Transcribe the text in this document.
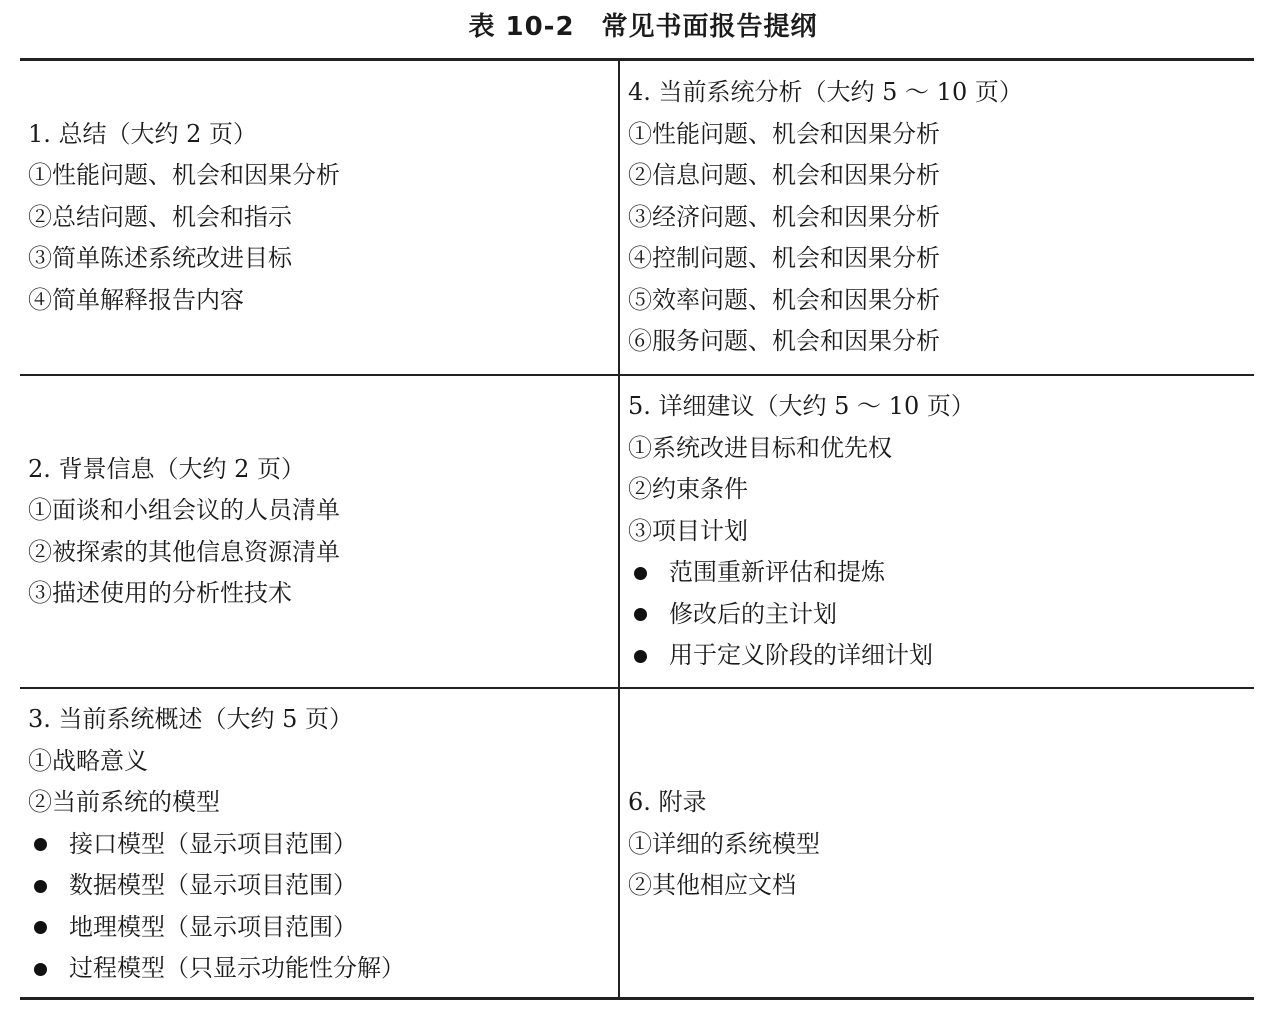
表 10-2　常见书面报告提纲
1. 总结（大约 2 页）
①性能问题、机会和因果分析
②总结问题、机会和指示
③简单陈述系统改进目标
④简单解释报告内容
4. 当前系统分析（大约 5 ～ 10 页）
①性能问题、机会和因果分析
②信息问题、机会和因果分析
③经济问题、机会和因果分析
④控制问题、机会和因果分析
⑤效率问题、机会和因果分析
⑥服务问题、机会和因果分析
2. 背景信息（大约 2 页）
①面谈和小组会议的人员清单
②被探索的其他信息资源清单
③描述使用的分析性技术
5. 详细建议（大约 5 ～ 10 页）
①系统改进目标和优先权
②约束条件
③项目计划
范围重新评估和提炼
修改后的主计划
用于定义阶段的详细计划
3. 当前系统概述（大约 5 页）
①战略意义
②当前系统的模型
接口模型（显示项目范围）
数据模型（显示项目范围）
地理模型（显示项目范围）
过程模型（只显示功能性分解）
6. 附录
①详细的系统模型
②其他相应文档
